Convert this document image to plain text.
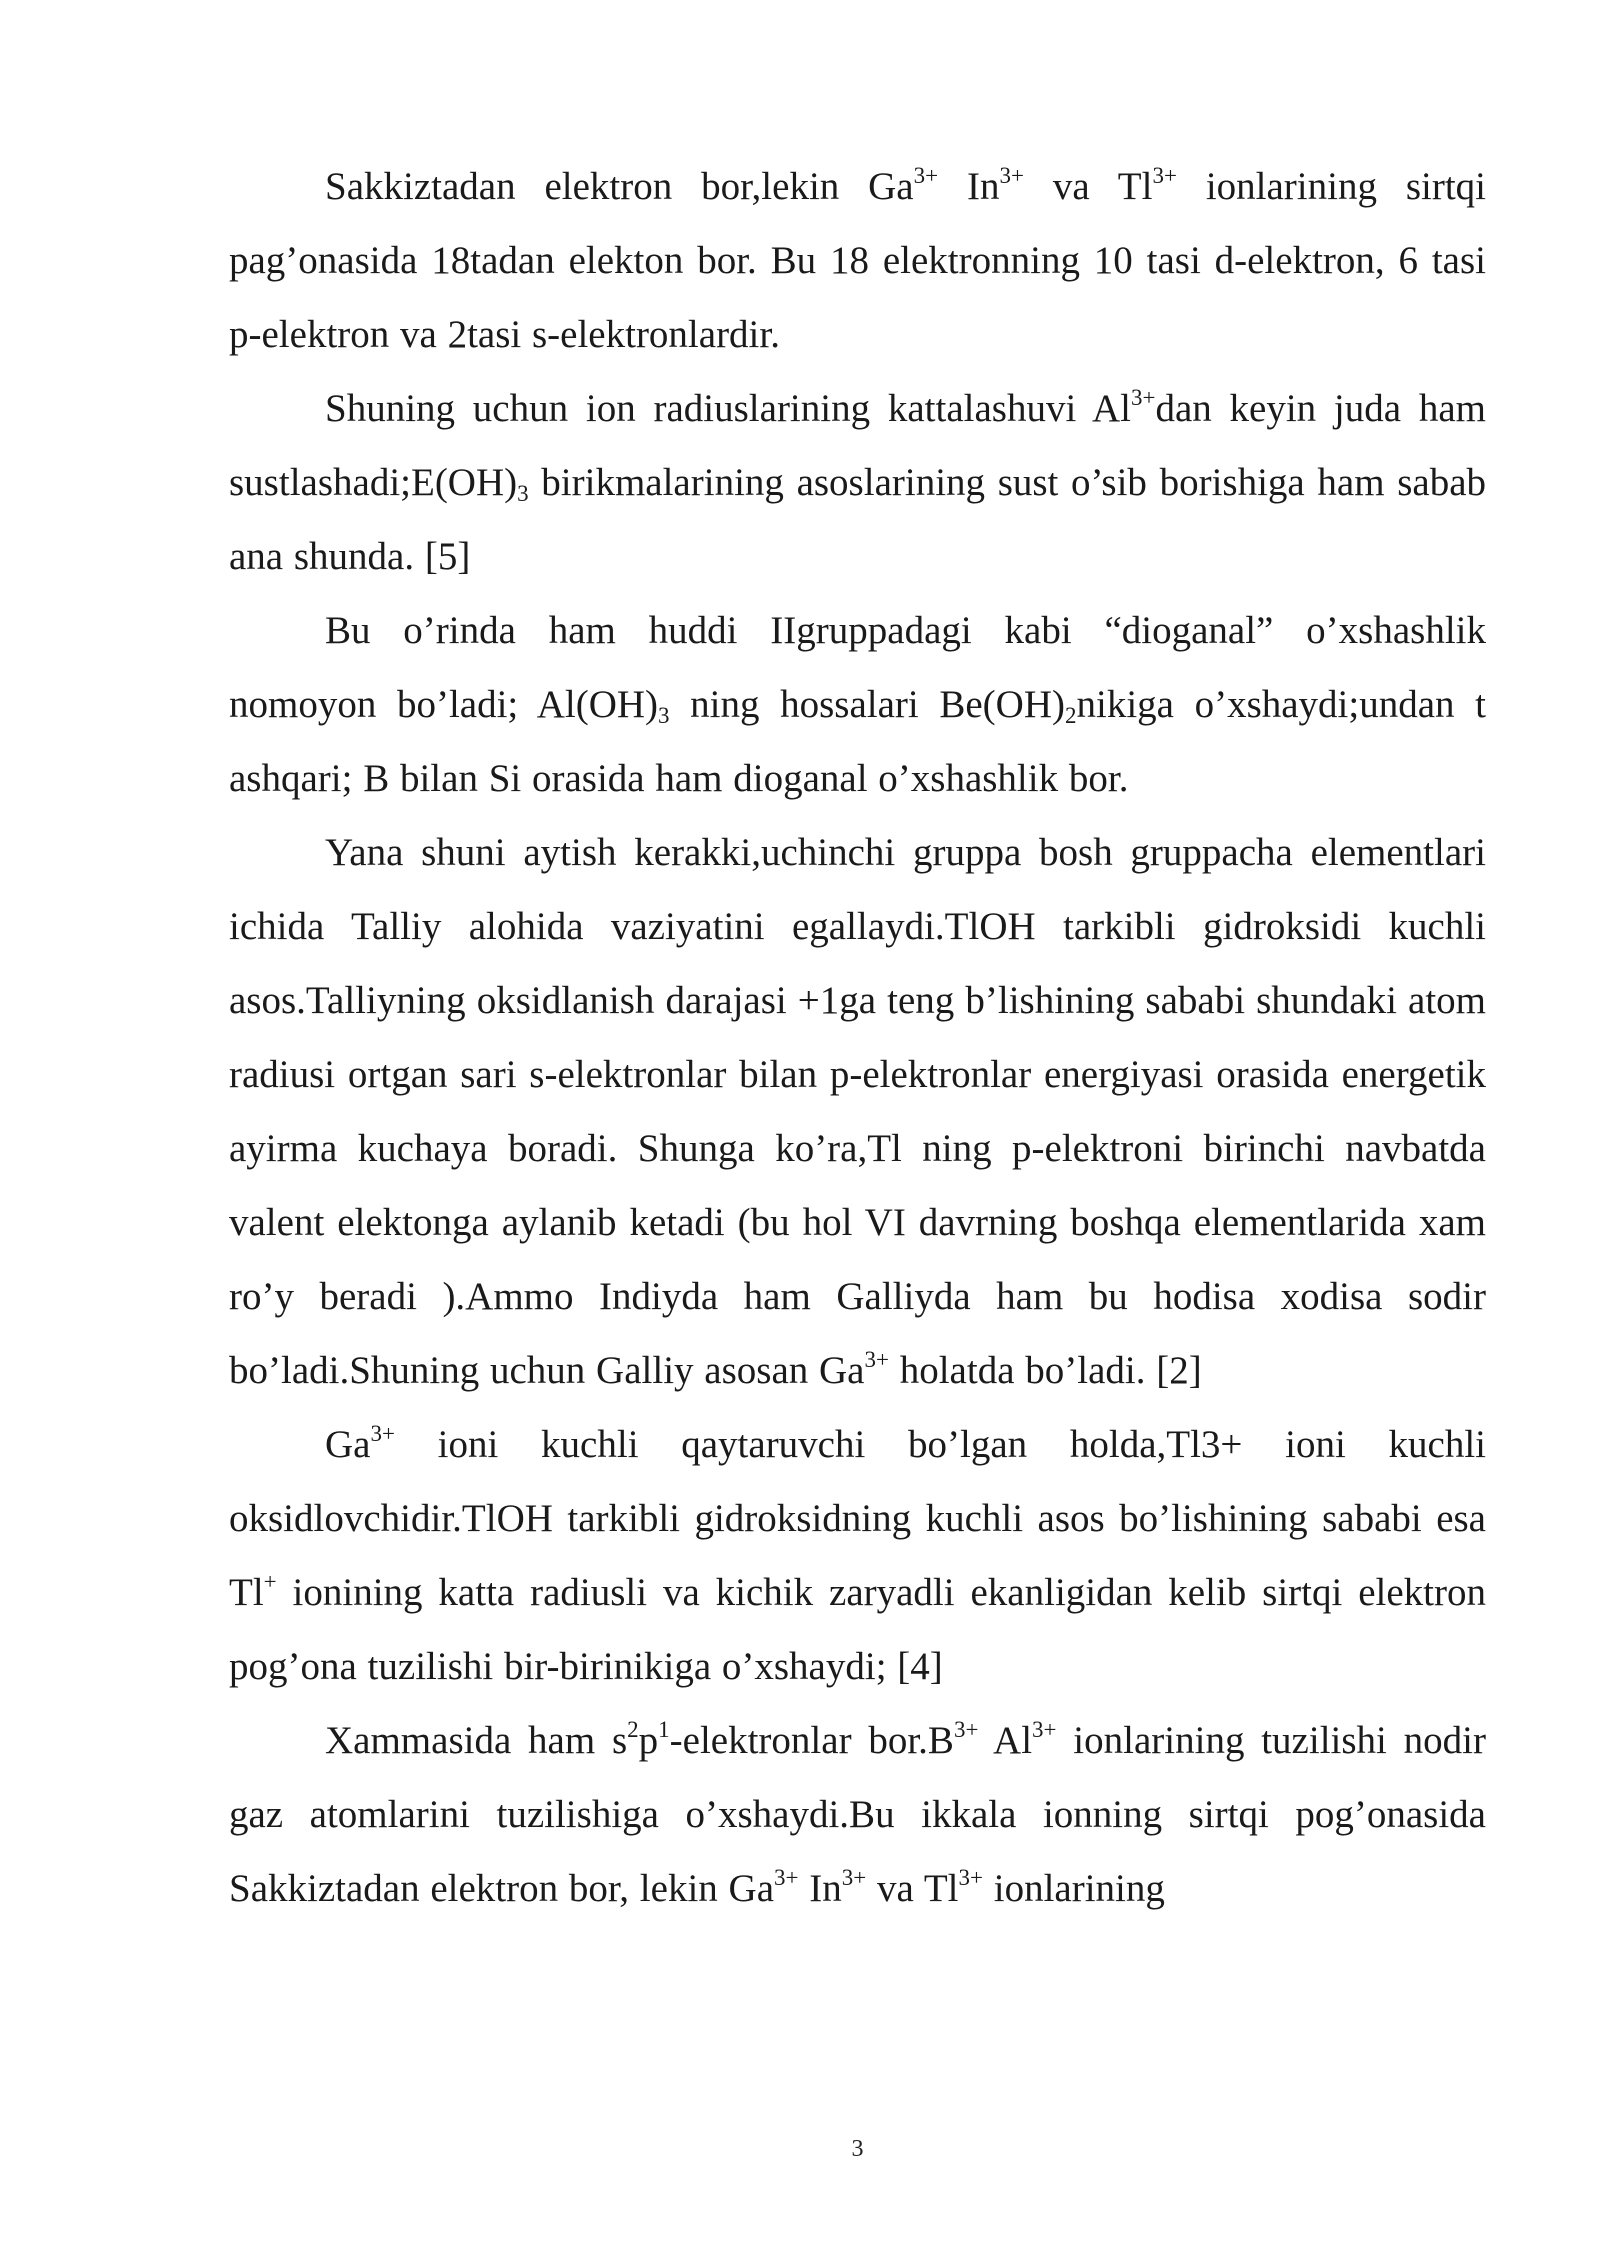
Sakkiztadan elektron bor,lekin $Ga^{3+}$ $In^{3+}$ va $Tl^{3+}$ ionlarining sirtqi pag’onasida 18tadan elekton bor. Bu 18 elektronning 10 tasi d-elektron, 6 tasi p-elektron va 2tasi s-elektronlardir.

Shuning uchun ion radiuslarining kattalashuvi $Al^{3+}dan$ keyin juda ham $sustlashadi;E(OH)_3$ birikmalarining asoslarining sust o’sib borishiga ham sabab ana shunda. [5]

Bu o’rinda ham huddi IIgruppadagi kabi “dioganal” o’xshashlik nomoyon bo’ladi; $Al(OH)_3$ ning hossalari $Be(OH)_2nikiga$ o’xshaydi;undan t ashqari; B bilan Si orasida ham dioganal o’xshashlik bor.

Yana shuni aytish kerakki,uchinchi gruppa bosh gruppacha elementlari ichida Talliy alohida vaziyatini egallaydi.TlOH tarkibli gidroksidi kuchli asos.Talliyning oksidlanish darajasi +1ga teng b’lishining sababi shundaki atom radiusi ortgan sari s-elektronlar bilan p-elektronlar energiyasi orasida energetik ayirma kuchaya boradi. Shunga ko’ra,Tl ning p-elektroni birinchi navbatda valent elektonga aylanib ketadi (bu hol VI davrning boshqa elementlarida xam ro’y beradi ).Ammo Indiyda ham Galliyda ham bu hodisa xodisa sodir bo’ladi.Shuning uchun Galliy asosan $Ga^{3+}$ holatda bo’ladi. [2]

$Ga^{3+}$ ioni kuchli qaytaruvchi bo’lgan holda,Tl3+ ioni kuchli oksidlovchidir.TlOH tarkibli gidroksidning kuchli asos bo’lishining sababi esa Tl+ ionining katta radiusli va kichik zaryadli ekanligidan kelib sirtqi elektron pog’ona tuzilishi bir-birinikiga o’xshaydi; [4]

Xammasida ham $s^2p^1$-elektronlar $bor.B^{3+}$ $Al^{3+}$ ionlarining tuzilishi nodir gaz atomlarini tuzilishiga o’xshaydi.Bu ikkala ionning sirtqi pog’onasida Sakkiztadan elektron bor, lekin $Ga^{3+}$ $In^{3+}$ va $Tl^{3+}$ ionlarining

3
